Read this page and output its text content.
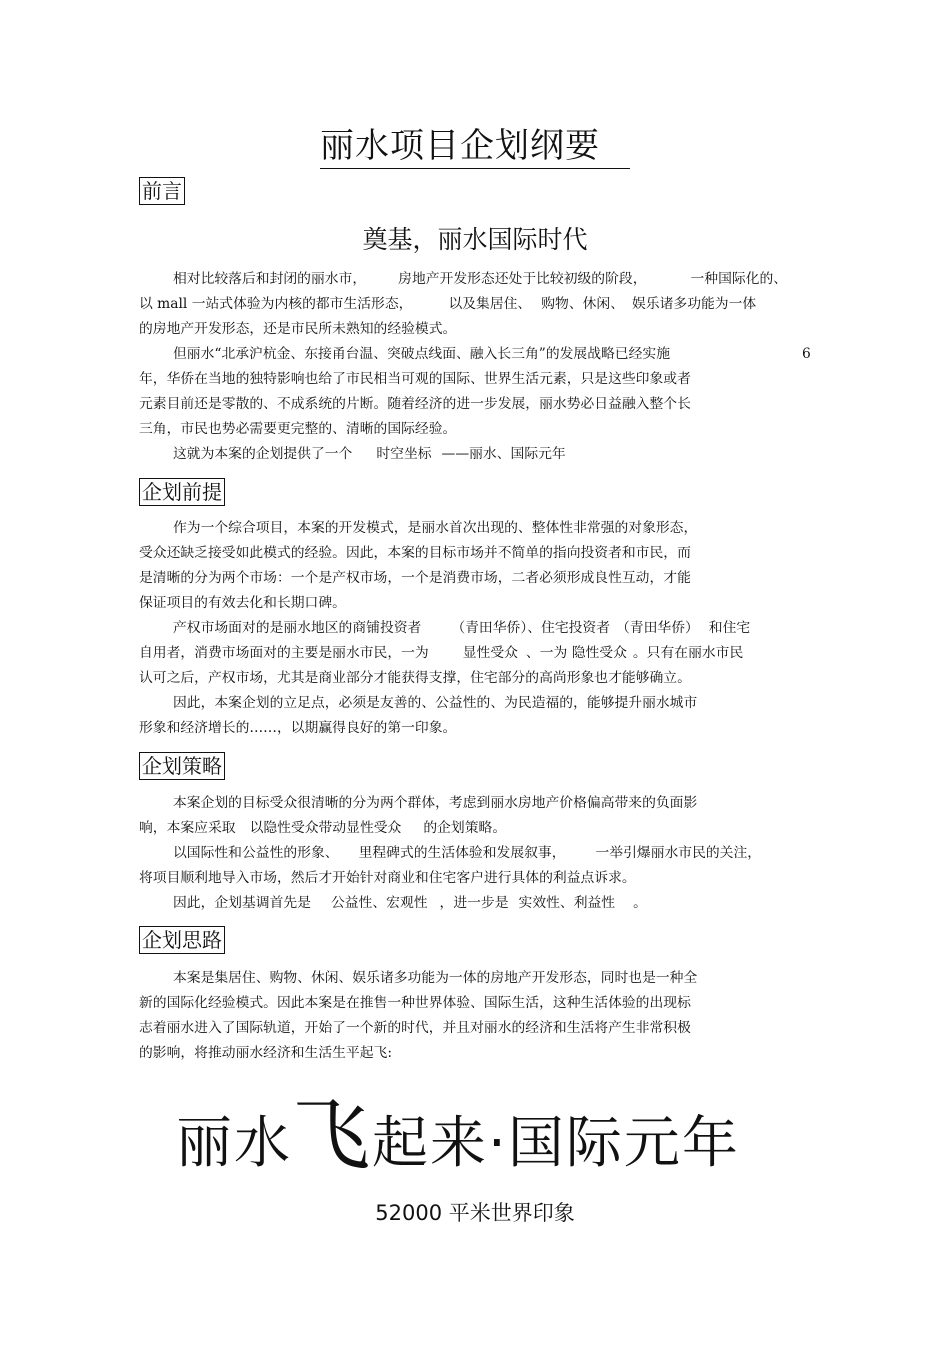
丽水项目企划纲要
前言
奠基，丽水国际时代
相对比较落后和封闭的丽水市， 房地产开发形态还处于比较初级的阶段，	一种国际化的、
以 mall 一站式体验为内核的都市生活形态，	以及集居住、 购物、休闲、 娱乐诸多功能为一体
的房地产开发形态，还是市民所未熟知的经验模式。
但丽水“北承沪杭金、东接甬台温、突破点线面、融入长三角”的发展战略已经实施	6
年，华侨在当地的独特影响也给了市民相当可观的国际、世界生活元素，只是这些印象或者
元素目前还是零散的、不成系统的片断。随着经济的进一步发展，丽水势必日益融入整个长
三角，市民也势必需要更完整的、清晰的国际经验。
这就为本案的企划提供了一个 时空坐标 ——丽水、国际元年
企划前提
作为一个综合项目，本案的开发模式，是丽水首次出现的、整体性非常强的对象形态，
受众还缺乏接受如此模式的经验。因此，本案的目标市场并不简单的指向投资者和市民，而
是清晰的分为两个市场：一个是产权市场，一个是消费市场，二者必须形成良性互动，才能
保证项目的有效去化和长期口碑。
产权市场面对的是丽水地区的商铺投资者 （青田华侨）、住宅投资者 （青田华侨） 和住宅
自用者，消费市场面对的主要是丽水市民，一为 显性受众 、一为 隐性受众 。只有在丽水市民
认可之后，产权市场，尤其是商业部分才能获得支撑，住宅部分的高尚形象也才能够确立。
因此，本案企划的立足点，必须是友善的、公益性的、为民造福的，能够提升丽水城市
形象和经济增长的……，以期赢得良好的第一印象。
企划策略
本案企划的目标受众很清晰的分为两个群体，考虑到丽水房地产价格偏高带来的负面影
响，本案应采取 以隐性受众带动显性受众 的企划策略。
以国际性和公益性的形象、 里程碑式的生活体验和发展叙事， 一举引爆丽水市民的关注，
将项目顺利地导入市场，然后才开始针对商业和住宅客户进行具体的利益点诉求。
因此，企划基调首先是 公益性、宏观性 ，进一步是 实效性、利益性 。
企划思路
本案是集居住、购物、休闲、娱乐诸多功能为一体的房地产开发形态，同时也是一种全
新的国际化经验模式。因此本案是在推售一种世界体验、国际生活，这种生活体验的出现标
志着丽水进入了国际轨道，开始了一个新的时代，并且对丽水的经济和生活将产生非常积极
的影响，将推动丽水经济和生活生平起飞:
丽水飞起来·国际元年
52000 平米世界印象
